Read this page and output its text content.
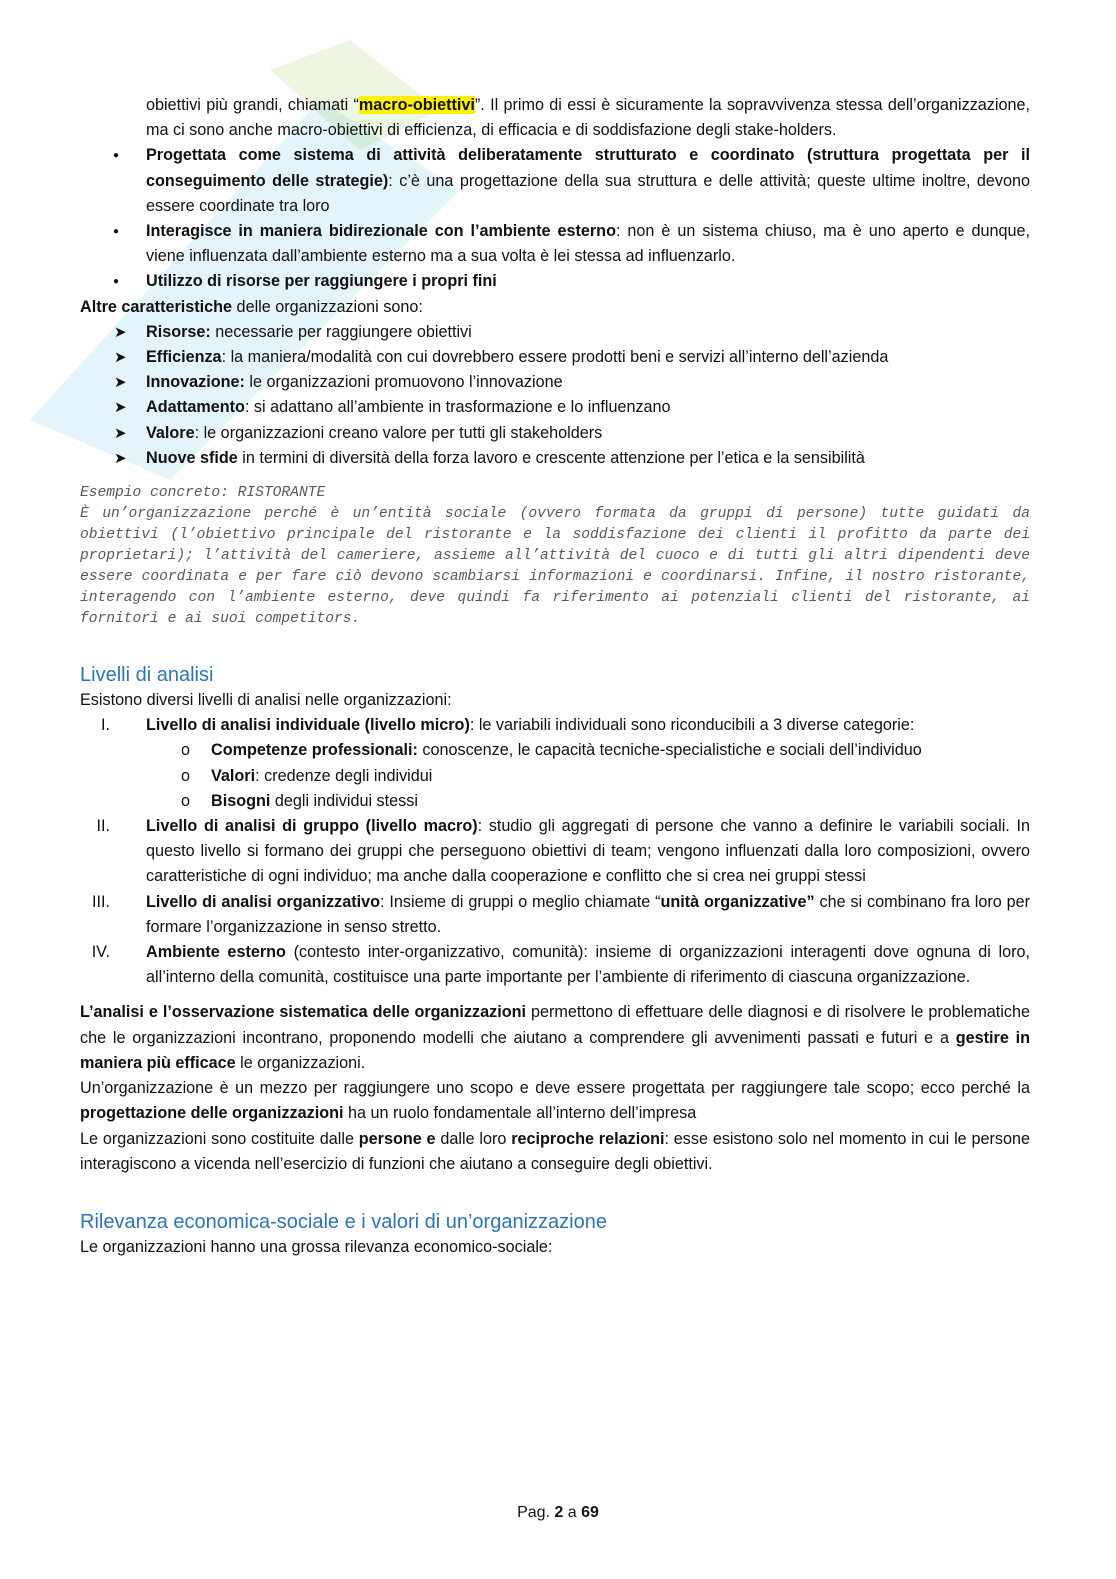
obiettivi più grandi, chiamati “macro-obiettivi”. Il primo di essi è sicuramente la sopravvivenza stessa dell’organizzazione, ma ci sono anche macro-obiettivi di efficienza, di efficacia e di soddisfazione degli stake-holders.
● Progettata come sistema di attività deliberatamente strutturato e coordinato (struttura progettata per il conseguimento delle strategie): c’è una progettazione della sua struttura e delle attività; queste ultime inoltre, devono essere coordinate tra loro
● Interagisce in maniera bidirezionale con l’ambiente esterno: non è un sistema chiuso, ma è uno aperto e dunque, viene influenzata dall’ambiente esterno ma a sua volta è lei stessa ad influenzarlo.
● Utilizzo di risorse per raggiungere i propri fini
Altre caratteristiche delle organizzazioni sono:
➤ Risorse: necessarie per raggiungere obiettivi
➤ Efficienza: la maniera/modalità con cui dovrebbero essere prodotti beni e servizi all’interno dell’azienda
➤ Innovazione: le organizzazioni promuovono l’innovazione
➤ Adattamento: si adattano all’ambiente in trasformazione e lo influenzano
➤ Valore: le organizzazioni creano valore per tutti gli stakeholders
➤ Nuove sfide in termini di diversità della forza lavoro e crescente attenzione per l’etica e la sensibilità
Esempio concreto: RISTORANTE
È un’organizzazione perché è un’entità sociale (ovvero formata da gruppi di persone) tutte guidati da obiettivi (l’obiettivo principale del ristorante e la soddisfazione dei clienti il profitto da parte dei proprietari); l’attività del cameriere, assieme all’attività del cuoco e di tutti gli altri dipendenti deve essere coordinata e per fare ciò devono scambiarsi informazioni e coordinarsi. Infine, il nostro ristorante, interagendo con l’ambiente esterno, deve quindi fa riferimento ai potenziali clienti del ristorante, ai fornitori e ai suoi competitors.
Livelli di analisi
Esistono diversi livelli di analisi nelle organizzazioni:
I. Livello di analisi individuale (livello micro): le variabili individuali sono riconducibili a 3 diverse categorie:
o Competenze professionali: conoscenze, le capacità tecniche-specialistiche e sociali dell’individuo
o Valori: credenze degli individui
o Bisogni degli individui stessi
II. Livello di analisi di gruppo (livello macro): studio gli aggregati di persone che vanno a definire le variabili sociali. In questo livello si formano dei gruppi che perseguono obiettivi di team; vengono influenzati dalla loro composizioni, ovvero caratteristiche di ogni individuo; ma anche dalla cooperazione e conflitto che si crea nei gruppi stessi
III. Livello di analisi organizzativo: Insieme di gruppi o meglio chiamate “unità organizzative” che si combinano fra loro per formare l’organizzazione in senso stretto.
IV. Ambiente esterno (contesto inter-organizzativo, comunità): insieme di organizzazioni interagenti dove ognuna di loro, all’interno della comunità, costituisce una parte importante per l’ambiente di riferimento di ciascuna organizzazione.
L’analisi e l’osservazione sistematica delle organizzazioni permettono di effettuare delle diagnosi e di risolvere le problematiche che le organizzazioni incontrano, proponendo modelli che aiutano a comprendere gli avvenimenti passati e futuri e a gestire in maniera più efficace le organizzazioni.
Un’organizzazione è un mezzo per raggiungere uno scopo e deve essere progettata per raggiungere tale scopo; ecco perché la progettazione delle organizzazioni ha un ruolo fondamentale all’interno dell’impresa
Le organizzazioni sono costituite dalle persone e dalle loro reciproche relazioni: esse esistono solo nel momento in cui le persone interagiscono a vicenda nell’esercizio di funzioni che aiutano a conseguire degli obiettivi.
Rilevanza economica-sociale e i valori di un’organizzazione
Le organizzazioni hanno una grossa rilevanza economico-sociale:
Pag. 2 a 69
